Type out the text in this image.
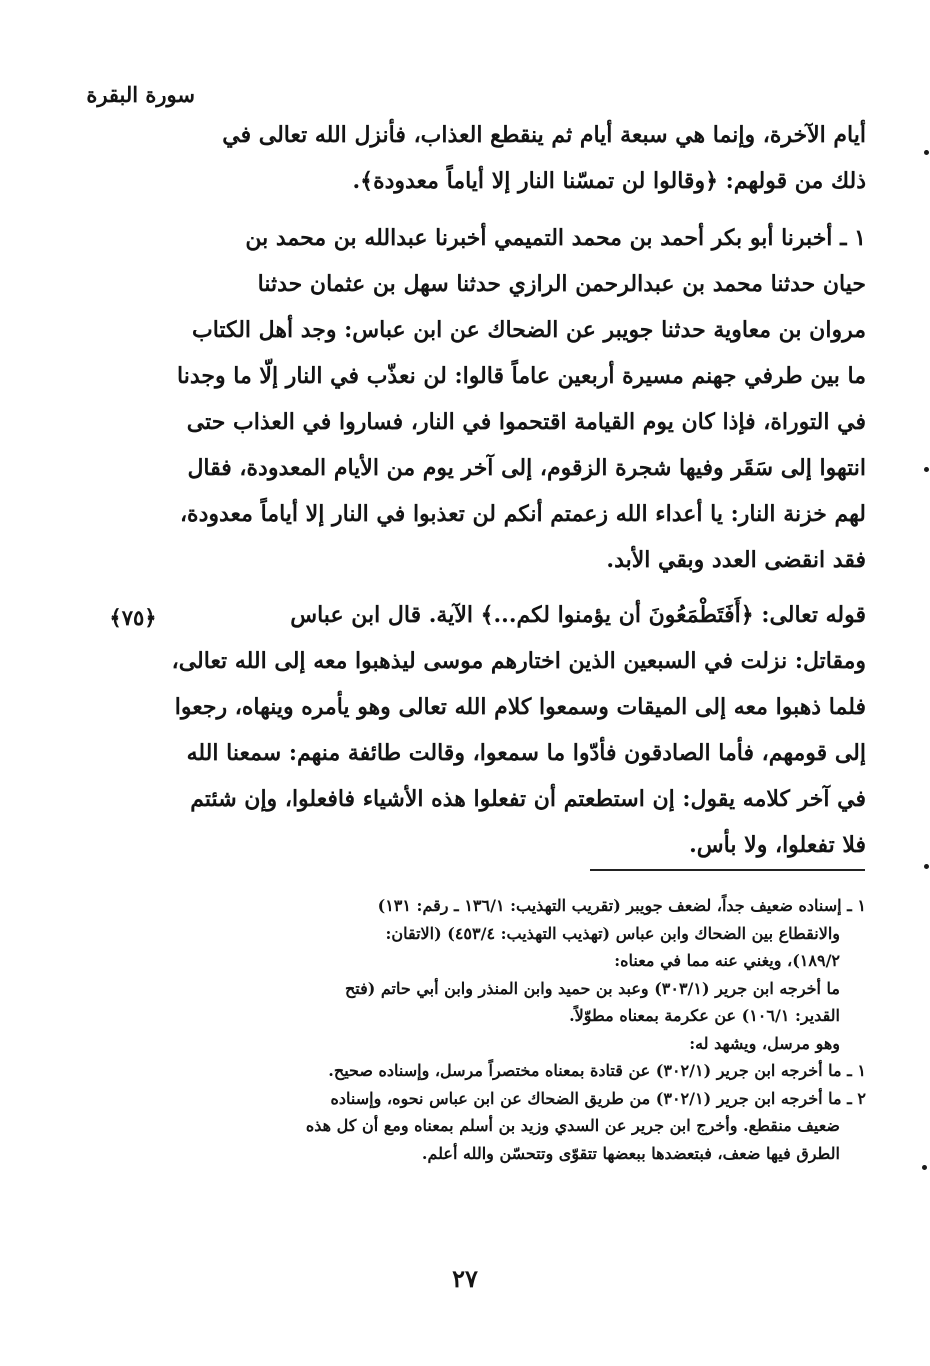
سورة البقرة
أيام الآخرة، وإنما هي سبعة أيام ثم ينقطع العذاب، فأنزل الله تعالى في
ذلك من قولهم: ﴿وقالوا لن تمسّنا النار إلا أياماً معدودة﴾.
١ ـ أخبرنا أبو بكر أحمد بن محمد التميمي أخبرنا عبدالله بن محمد بن
حيان حدثنا محمد بن عبدالرحمن الرازي حدثنا سهل بن عثمان حدثنا
مروان بن معاوية حدثنا جويبر عن الضحاك عن ابن عباس: وجد أهل الكتاب
ما بين طرفي جهنم مسيرة أربعين عاماً قالوا: لن نعذّب في النار إلّا ما وجدنا
في التوراة، فإذا كان يوم القيامة اقتحموا في النار، فساروا في العذاب حتى
انتهوا إلى سَقَر وفيها شجرة الزقوم، إلى آخر يوم من الأيام المعدودة، فقال
لهم خزنة النار: يا أعداء الله زعمتم أنكم لن تعذبوا في النار إلا أياماً معدودة،
فقد انقضى العدد وبقي الأبد.
﴿٧٥﴾	قوله تعالى: ﴿أَفَتَطْمَعُونَ أن يؤمنوا لكم...﴾ الآية. قال ابن عباس
ومقاتل: نزلت في السبعين الذين اختارهم موسى ليذهبوا معه إلى الله تعالى،
فلما ذهبوا معه إلى الميقات وسمعوا كلام الله تعالى وهو يأمره وينهاه، رجعوا
إلى قومهم، فأما الصادقون فأدّوا ما سمعوا، وقالت طائفة منهم: سمعنا الله
في آخر كلامه يقول: إن استطعتم أن تفعلوا هذه الأشياء فافعلوا، وإن شئتم
فلا تفعلوا، ولا بأس.
١ ـ إسناده ضعيف جداً، لضعف جويبر (تقريب التهذيب: ١٣٦/١ ـ رقم: ١٣١)
والانقطاع بين الضحاك وابن عباس (تهذيب التهذيب: ٤٥٣/٤) (الاتقان:
١٨٩/٢)، ويغني عنه مما في معناه:
ما أخرجه ابن جرير (٣٠٣/١) وعبد بن حميد وابن المنذر وابن أبي حاتم (فتح
القدير: ١٠٦/١) عن عكرمة بمعناه مطوّلاً.
وهو مرسل، ويشهد له:
١ ـ ما أخرجه ابن جرير (٣٠٢/١) عن قتادة بمعناه مختصراً مرسل، وإسناده صحيح.
٢ ـ ما أخرجه ابن جرير (٣٠٢/١) من طريق الضحاك عن ابن عباس نحوه، وإسناده
ضعيف منقطع. وأخرج ابن جرير عن السدي وزيد بن أسلم بمعناه ومع أن كل هذه
الطرق فيها ضعف، فبتعضدها ببعضها تتقوّى وتتحسّن والله أعلم.
٢٧
